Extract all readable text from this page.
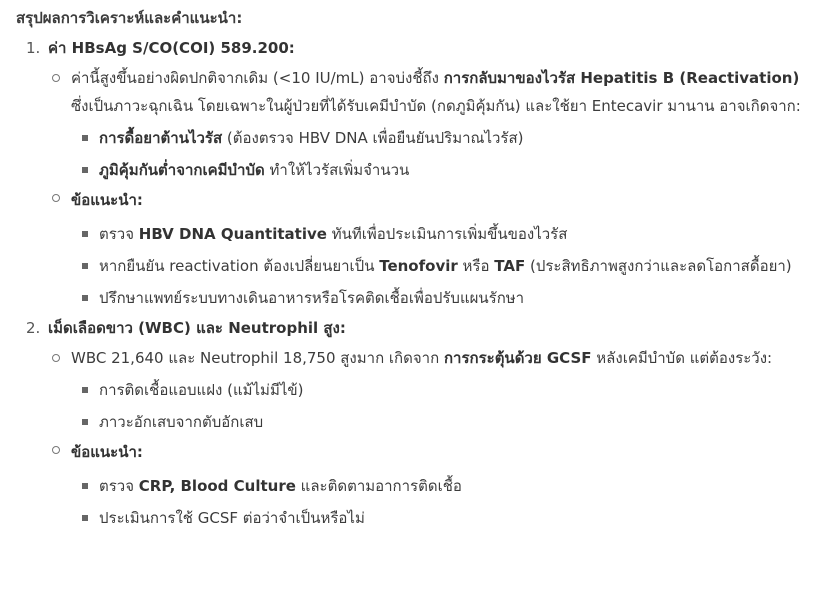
สรุปผลการวิเคราะห์และคำแนะนำ:

1. ค่า HBsAg S/CO(COI) 589.200:
ค่านี้สูงขึ้นอย่างผิดปกติจากเดิม (<10 IU/mL) อาจบ่งชี้ถึง การกลับมาของไวรัส Hepatitis B (Reactivation) ซึ่งเป็นภาวะฉุกเฉิน โดยเฉพาะในผู้ป่วยที่ได้รับเคมีบำบัด (กดภูมิคุ้มกัน) และใช้ยา Entecavir มานาน อาจเกิดจาก:
การดื้อยาต้านไวรัส (ต้องตรวจ HBV DNA เพื่อยืนยันปริมาณไวรัส)
ภูมิคุ้มกันต่ำจากเคมีบำบัด ทำให้ไวรัสเพิ่มจำนวน
ข้อแนะนำ:
ตรวจ HBV DNA Quantitative ทันทีเพื่อประเมินการเพิ่มขึ้นของไวรัส
หากยืนยัน reactivation ต้องเปลี่ยนยาเป็น Tenofovir หรือ TAF (ประสิทธิภาพสูงกว่าและลดโอกาสดื้อยา)
ปรึกษาแพทย์ระบบทางเดินอาหารหรือโรคติดเชื้อเพื่อปรับแผนรักษา
2. เม็ดเลือดขาว (WBC) และ Neutrophil สูง:
WBC 21,640 และ Neutrophil 18,750 สูงมาก เกิดจาก การกระตุ้นด้วย GCSF หลังเคมีบำบัด แต่ต้องระวัง:
การติดเชื้อแอบแฝง (แม้ไม่มีไข้)
ภาวะอักเสบจากตับอักเสบ
ข้อแนะนำ:
ตรวจ CRP, Blood Culture และติดตามอาการติดเชื้อ
ประเมินการใช้ GCSF ต่อว่าจำเป็นหรือไม่
